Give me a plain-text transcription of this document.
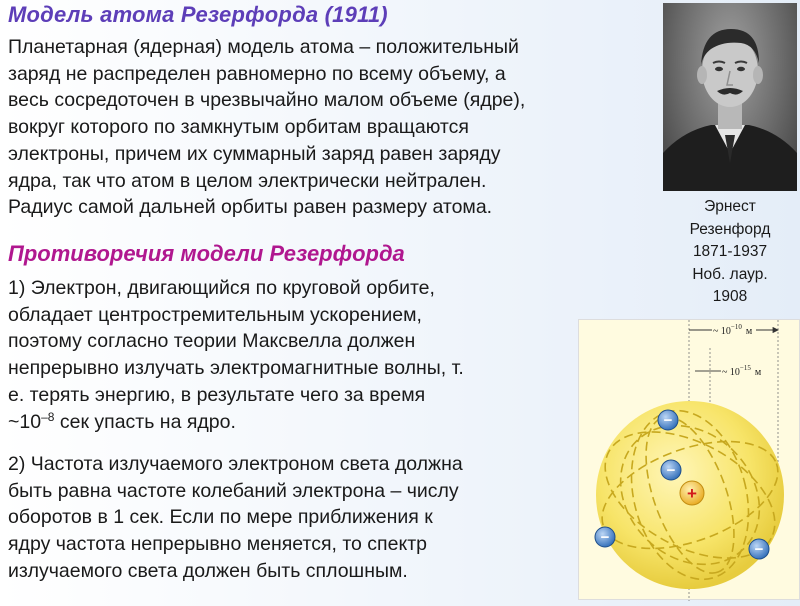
Модель атома Резерфорда (1911)

Планетарная (ядерная) модель атома – положительный
заряд не распределен равномерно по всему объему, а
весь сосредоточен в чрезвычайно малом объеме (ядре),
вокруг которого по замкнутым орбитам вращаются
электроны, причем их суммарный заряд равен заряду
ядра, так что атом в целом электрически нейтрален.
Радиус самой дальней орбиты равен размеру атома.

Противоречия модели Резерфорда

1) Электрон, двигающийся по круговой орбите,
обладает центростремительным ускорением,
поэтому согласно теории Максвелла должен
непрерывно излучать электромагнитные волны, т.
е. терять энергию, в результате чего за время
$\sim 10^{-8}$ сек упасть на ядро.

2) Частота излучаемого электроном света должна
быть равна частоте колебаний электрона – числу
оборотов в 1 сек. Если по мере приближения к
ядру частота непрерывно меняется, то спектр
излучаемого света должен быть сплошным.

Эрнест
Резенфорд
1871-1937
Ноб. лаур.
1908
~ $10^{-10}$ м
~ $10^{-15}$ м
+
−
−
−
−
